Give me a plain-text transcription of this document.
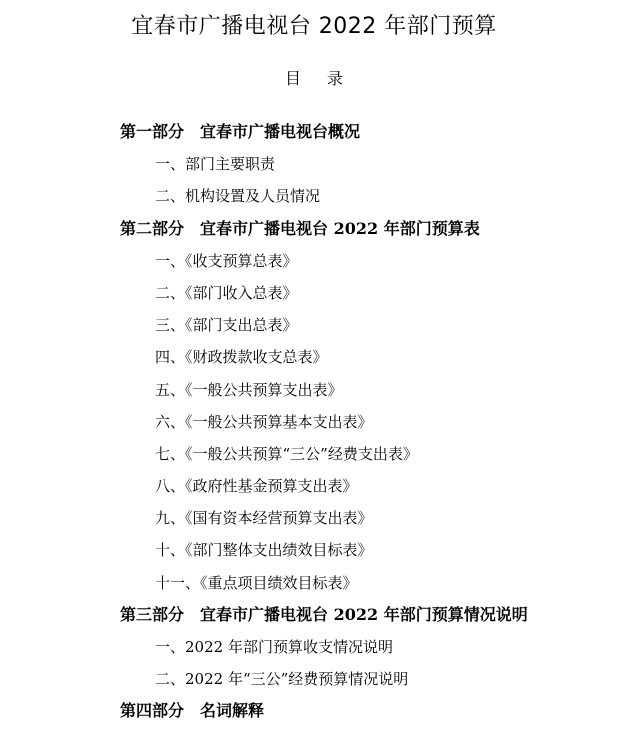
宜春市广播电视台 2022 年部门预算
目录
第一部分 宜春市广播电视台概况
一、部门主要职责
二、机构设置及人员情况
第二部分 宜春市广播电视台 2022 年部门预算表
一、《收支预算总表》
二、《部门收入总表》
三、《部门支出总表》
四、《财政拨款收支总表》
五、《一般公共预算支出表》
六、《一般公共预算基本支出表》
七、《一般公共预算“三公”经费支出表》
八、《政府性基金预算支出表》
九、《国有资本经营预算支出表》
十、《部门整体支出绩效目标表》
十一、《重点项目绩效目标表》
第三部分 宜春市广播电视台 2022 年部门预算情况说明
一、2022 年部门预算收支情况说明
二、2022 年“三公”经费预算情况说明
第四部分 名词解释
